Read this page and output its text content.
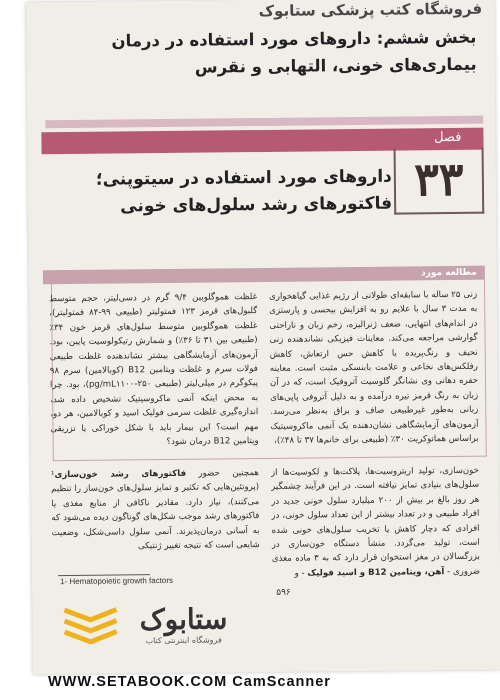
فروشگاه کتب پزشکی ستابوک
بخش ششم: داروهای مورد استفاده در درمان بیماری‌های خونی، التهابی و نقرس
فصل
۳۳
داروهای مورد استفاده در سیتوپنی؛
فاکتورهای رشد سلول‌های خونی
مطالعه مورد
زنی ۲۵ ساله با سابقه‌ای طولانی از رژیم غذایی گیاهخواری به مدت ۳ سال با علایم رو به افزایش بیحسی و پارستزی در اندام‌های انتهایی، ضعف ژنرالیزه، زخم زبان و ناراحتی گوارشی مراجعه می‌کند. معاینات فیزیکی نشاندهنده زنی نحیف و رنگ‌پریده با کاهش حس ارتعاش، کاهش رفلکس‌های نخاعی و علامت بابنسکی مثبت است. معاینه حفره دهانی وی نشانگر گلوسیت آتروفیک است، که در آن زبان به رنگ قرمز تیره درآمده و به دلیل آتروفی پاپی‌های زبانی به‌طور غیرطبیعی صاف و براق به‌نظر می‌رسد. آزمون‌های آزمایشگاهی نشان‌دهنده یک آنمی ماکروسیتیک براساس هماتوکریت ۳۰٪ (طبیعی برای خانم‌ها ۳۷ تا ۴۸٪)،
غلظت هموگلوبین ۹/۴ گرم در دسی‌لیتر، حجم متوسط گلبول‌های قرمز ۱۲۳ فمتولیتر (طبیعی ۹۹-۸۴ فمتولیتر)، غلظت هموگلوبین متوسط سلول‌های قرمز خون ۳۴٪ (طبیعی بین ۳۱ تا ۳۶٪) و شمارش رتیکولوسیت پایین، بود. آزمون‌های آزمایشگاهی بیشتر نشاندهنده غلظت طبیعی فولات سرم و غلظت ویتامین B12 (کوبالامین) سرم ۹۸ پیکوگرم در میلی‌لیتر (طبیعی pg/mL۱۱۰۰-۲۵۰)، بود. چرا به محض اینکه آنمی ماکروسیتیک تشخیص داده شد، اندازه‌گیری غلظت سرمی فولیک اسید و کوبالامین، هر دو، مهم است؟ این بیمار باید با شکل خوراکی یا تزریقی ویتامین B12 درمان شود؟
خون‌سازی، تولید اریتروسیت‌ها، پلاکت‌ها و لکوسیت‌ها از سلول‌های بنیادی تمایز نیافته است. در این فرآیند چشمگیر هر روز بالغ بر بیش از ۲۰۰ میلیارد سلول خونی جدید در افراد طبیعی و در تعداد بیشتر از این تعداد سلول خونی، در افرادی که دچار کاهش یا تخریب سلول‌های خونی شده است، تولید می‌گردد. منشأ دستگاه خون‌سازی در بزرگسالان در مغز استخوان قرار دارد که به ۳ ماده مغذی ضروری - آهن، ویتامین B12 و اسید فولیک - و
همچنین حضور فاکتورهای رشد خون‌سازی¹ (پروتئین‌هایی که تکثیر و تمایز سلول‌های خون‌ساز را تنظیم می‌کنند)، نیاز دارد. مقادیر ناکافی از منابع مغذی یا فاکتورهای رشد موجب شکل‌های گوناگون دیده می‌شود که به آسانی درمان‌پذیرند. آنمی سلول داسی‌شکل، وضعیت شایعی است که نتیجه تغییر ژنتیکی
1- Hematopoietic growth factors
۵۹۶
ستابوک
فروشگاه اینترنتی کتاب
WWW.SETABOOK.COM CamScanner
